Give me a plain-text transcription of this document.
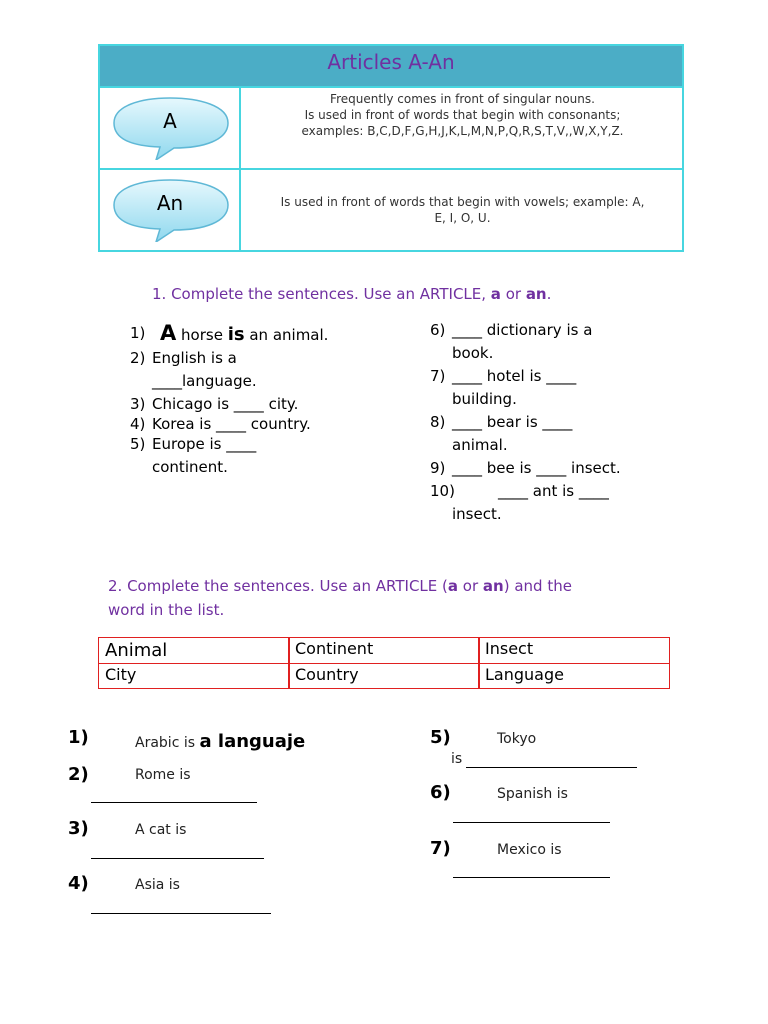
Articles A-An
A
Frequently comes in front of singular nouns.
Is used in front of words that begin with consonants;
examples: B,C,D,F,G,H,J,K,L,M,N,P,Q,R,S,T,V,,W,X,Y,Z.
An	Is used in front of words that begin with vowels; example: A,
E, I, O, U.
1. Complete the sentences. Use an ARTICLE, a or an.
1) A horse is an animal.
2) English is a
____language.
3) Chicago is ____ city.
4) Korea is ____ country.
5) Europe is ____
continent.
6) ____ dictionary is a
book.
7) ____ hotel is ____
building.
8) ____ bear is ____
animal.
9) ____ bee is ____ insect.
10)	____ ant is ____
insect.
2. Complete the sentences. Use an ARTICLE (a or an) and the
word in the list.
Animal	Continent	Insect
City	Country	Language
1)	Arabic is a languaje
2)	Rome is
3)	A cat is
4)	Asia is
5)	Tokyo
is
6)	Spanish is
7)	Mexico is
